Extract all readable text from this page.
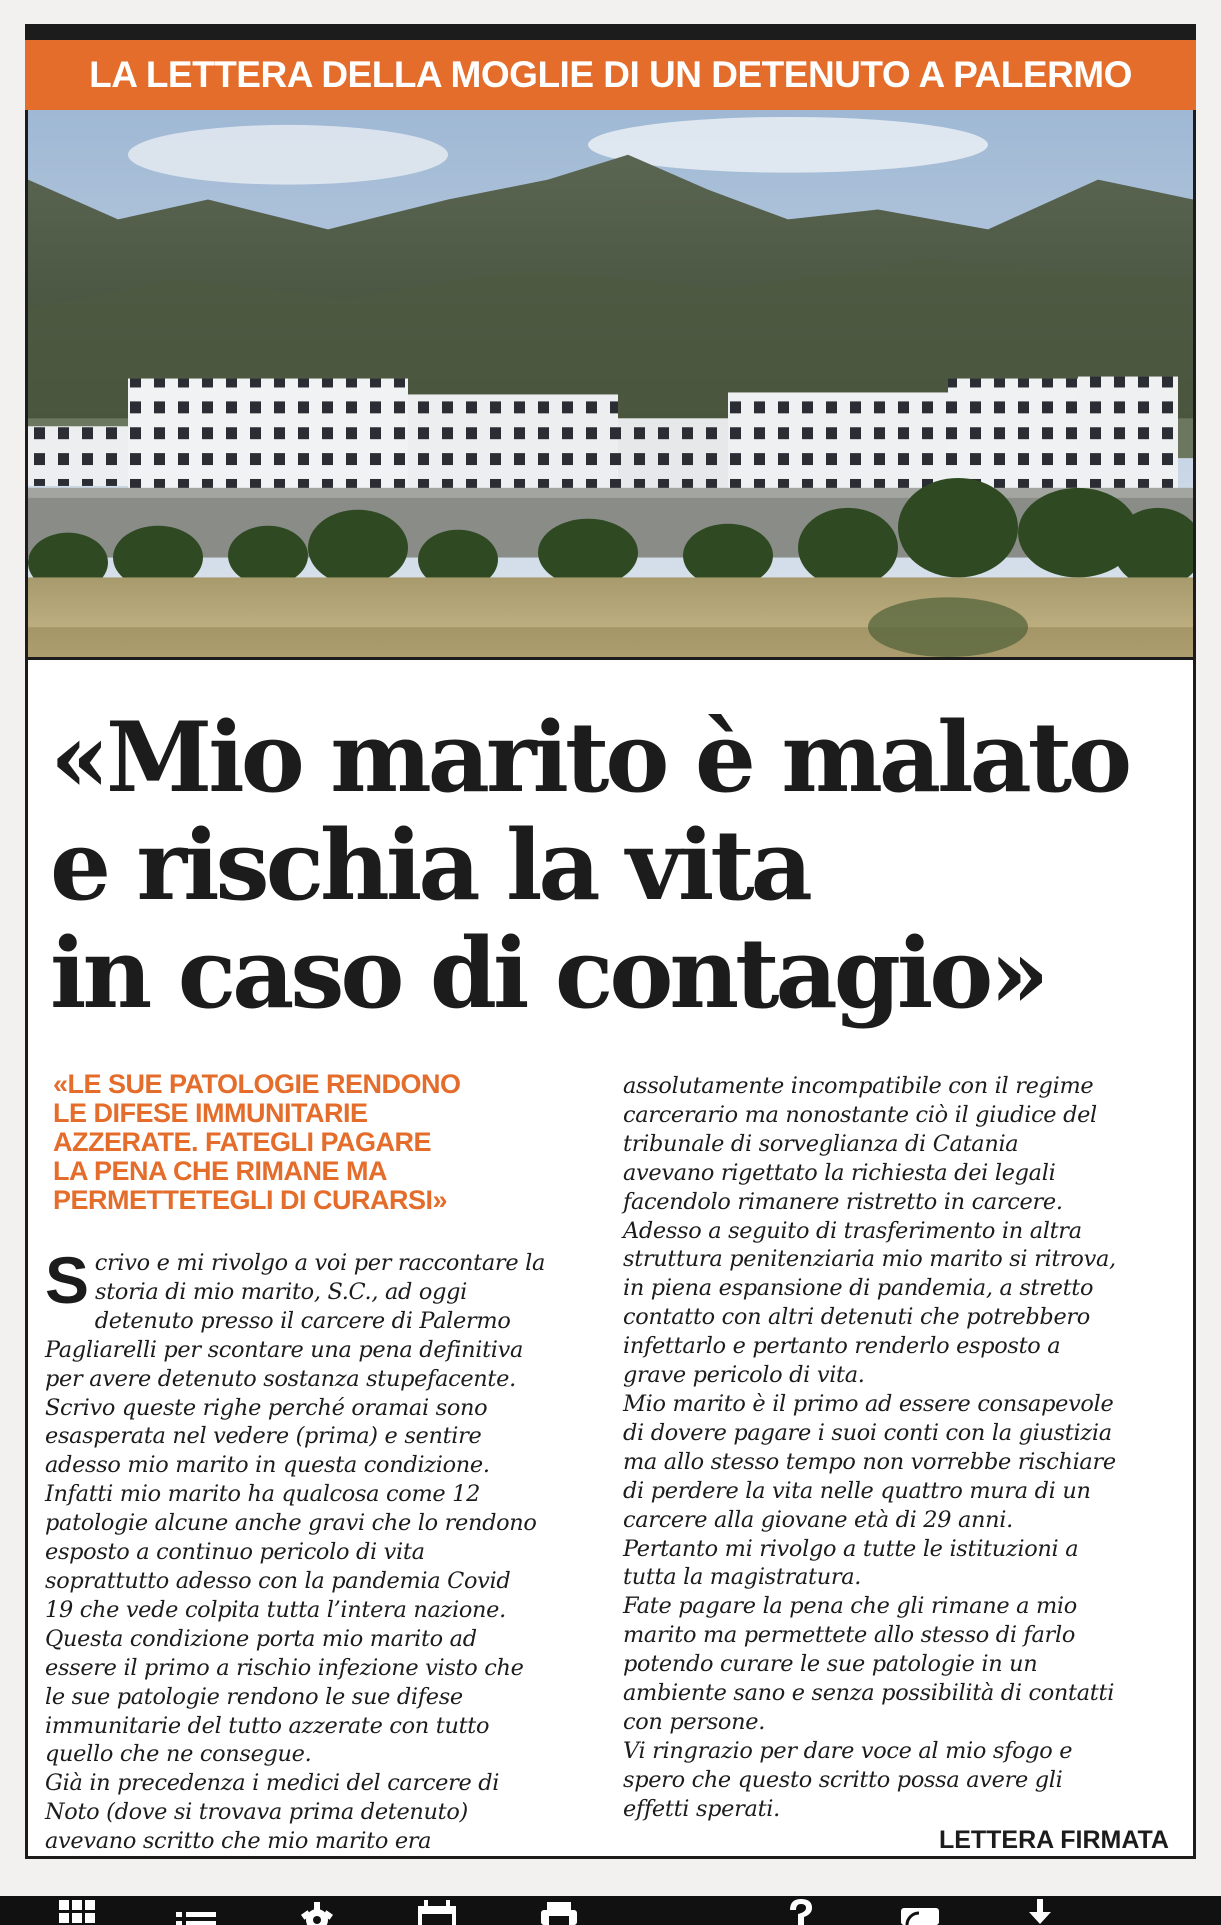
LA LETTERA DELLA MOGLIE DI UN DETENUTO A PALERMO
«Mio marito è malato
e rischia la vita
in caso di contagio»
«LE SUE PATOLOGIE RENDONO
LE DIFESE IMMUNITARIE
AZZERATE. FATEGLI PAGARE
LA PENA CHE RIMANE MA
PERMETTETEGLI DI CURARSI»
S crivo e mi rivolgo a voi per raccontare la
storia di mio marito, S.C., ad oggi
detenuto presso il carcere di Palermo
Pagliarelli per scontare una pena definitiva
per avere detenuto sostanza stupefacente.
Scrivo queste righe perché oramai sono
esasperata nel vedere (prima) e sentire
adesso mio marito in questa condizione.
Infatti mio marito ha qualcosa come 12
patologie alcune anche gravi che lo rendono
esposto a continuo pericolo di vita
soprattutto adesso con la pandemia Covid
19 che vede colpita tutta l’intera nazione.
Questa condizione porta mio marito ad
essere il primo a rischio infezione visto che
le sue patologie rendono le sue difese
immunitarie del tutto azzerate con tutto
quello che ne consegue.
Già in precedenza i medici del carcere di
Noto (dove si trovava prima detenuto)
avevano scritto che mio marito era
assolutamente incompatibile con il regime
carcerario ma nonostante ciò il giudice del
tribunale di sorveglianza di Catania
avevano rigettato la richiesta dei legali
facendolo rimanere ristretto in carcere.
Adesso a seguito di trasferimento in altra
struttura penitenziaria mio marito si ritrova,
in piena espansione di pandemia, a stretto
contatto con altri detenuti che potrebbero
infettarlo e pertanto renderlo esposto a
grave pericolo di vita.
Mio marito è il primo ad essere consapevole
di dovere pagare i suoi conti con la giustizia
ma allo stesso tempo non vorrebbe rischiare
di perdere la vita nelle quattro mura di un
carcere alla giovane età di 29 anni.
Pertanto mi rivolgo a tutte le istituzioni a
tutta la magistratura.
Fate pagare la pena che gli rimane a mio
marito ma permettete allo stesso di farlo
potendo curare le sue patologie in un
ambiente sano e senza possibilità di contatti
con persone.
Vi ringrazio per dare voce al mio sfogo e
spero che questo scritto possa avere gli
effetti sperati.
LETTERA FIRMATA
